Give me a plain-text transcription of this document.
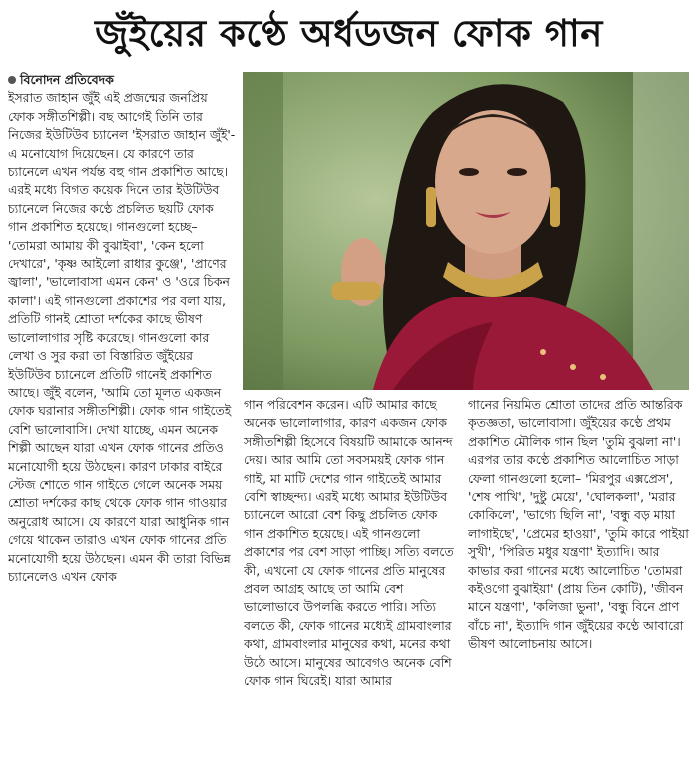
জুঁইয়ের কণ্ঠে অর্ধডজন ফোক গান
বিনোদন প্রতিবেদক
ইসরাত জাহান জুঁই এই প্রজন্মের জনপ্রিয় ফোক সঙ্গীতশিল্পী। বছ আগেই তিনি তার নিজের ইউটিউব চ্যানেল 'ইসরাত জাহান জুঁই'-এ মনোযোগ দিয়েছেন। যে কারণে তার চ্যানেলে এখন পর্যন্ত বহু গান প্রকাশিত আছে। এরই মধ্যে বিগত কয়েক দিনে তার ইউটিউব চ্যানেলে নিজের কণ্ঠে প্রচলিত ছয়টি ফোক গান প্রকাশিত হয়েছে। গানগুলো হচ্ছে– 'তোমরা আমায় কী বুঝাইবা', 'কেন হলো দেখারে', 'কৃষ্ণ আইলো রাধার কুঞ্জে', 'প্রাণের জ্বালা', 'ভালোবাসা এমন কেন' ও 'ওরে চিকন কালা'। এই গানগুলো প্রকাশের পর বলা যায়, প্রতিটি গানই শ্রোতা দর্শকের কাছে ভীষণ ভালোলাগার সৃষ্টি করেছে। গানগুলো কার লেখা ও সুর করা তা বিস্তারিত জুঁইয়ের ইউটিউব চ্যানেলে প্রতিটি গানেই প্রকাশিত আছে। জুঁই বলেন, 'আমি তো মূলত একজন ফোক ঘরানার সঙ্গীতশিল্পী। ফোক গান গাইতেই বেশি ভালোবাসি। দেখা যাচ্ছে, এমন অনেক শিল্পী আছেন যারা এখন ফোক গানের প্রতিও মনোযোগী হয়ে উঠছেন। কারণ ঢাকার বাইরে স্টেজ শোতে গান গাইতে গেলে অনেক সময় শ্রোতা দর্শকের কাছ থেকে ফোক গান গাওয়ার অনুরোধ আসে। যে কারণে যারা আধুনিক গান গেয়ে থাকেন তারাও এখন ফোক গানের প্রতি মনোযোগী হয়ে উঠছেন। এমন কী তারা বিভিন্ন চ্যানেলেও এখন ফোক
গান পরিবেশন করেন। এটি আমার কাছে অনেক ভালোলাগার, কারণ একজন ফোক সঙ্গীতশিল্পী হিসেবে বিষয়টি আমাকে আনন্দ দেয়। আর আমি তো সবসময়ই ফোক গান গাই, মা মাটি দেশের গান গাইতেই আমার বেশি স্বাচ্ছন্দ্য। এরই মধ্যে আমার ইউটিউব চ্যানেলে আরো বেশ কিছু প্রচলিত ফোক গান প্রকাশিত হয়েছে। এই গানগুলো প্রকাশের পর বেশ সাড়া পাচ্ছি। সত্যি বলতে কী, এখনো যে ফোক গানের প্রতি মানুষের প্রবল আগ্রহ আছে তা আমি বেশ ভালোভাবে উপলব্ধি করতে পারি। সত্যি বলতে কী, ফোক গানের মধ্যেই গ্রামবাংলার কথা, গ্রামবাংলার মানুষের কথা, মনের কথা উঠে আসে। মানুষের আবেগও অনেক বেশি ফোক গান ঘিরেই। যারা আমার
গানের নিয়মিত শ্রোতা তাদের প্রতি আন্তরিক কৃতজ্ঞতা, ভালোবাসা। জুঁইয়ের কণ্ঠে প্রথম প্রকাশিত মৌলিক গান ছিল 'তুমি বুঝলা না'। এরপর তার কণ্ঠে প্রকাশিত আলোচিত সাড়া ফেলা গানগুলো হলো– 'মিরপুর এক্সপ্রেস', 'শেষ পাখি', 'দুষ্টু মেয়ে', 'ঘোলকলা', 'মরার কোকিলে', 'ভাগ্যে ছিলি না', 'বন্ধু বড় মায়া লাগাইছে', 'প্রেমের হাওয়া', 'তুমি কারে পাইয়া সুখী', 'পিরিত মধুর যন্ত্রণা' ইত্যাদি। আর কাভার করা গানের মধ্যে আলোচিত 'তোমরা কইওগো বুঝাইয়া' (প্রায় তিন কোটি), 'জীবন মানে যন্ত্রণা', 'কলিজা ভুনা', 'বন্ধু বিনে প্রাণ বাঁচে না', ইত্যাদি গান জুঁইয়ের কণ্ঠে আবারো ভীষণ আলোচনায় আসে।
